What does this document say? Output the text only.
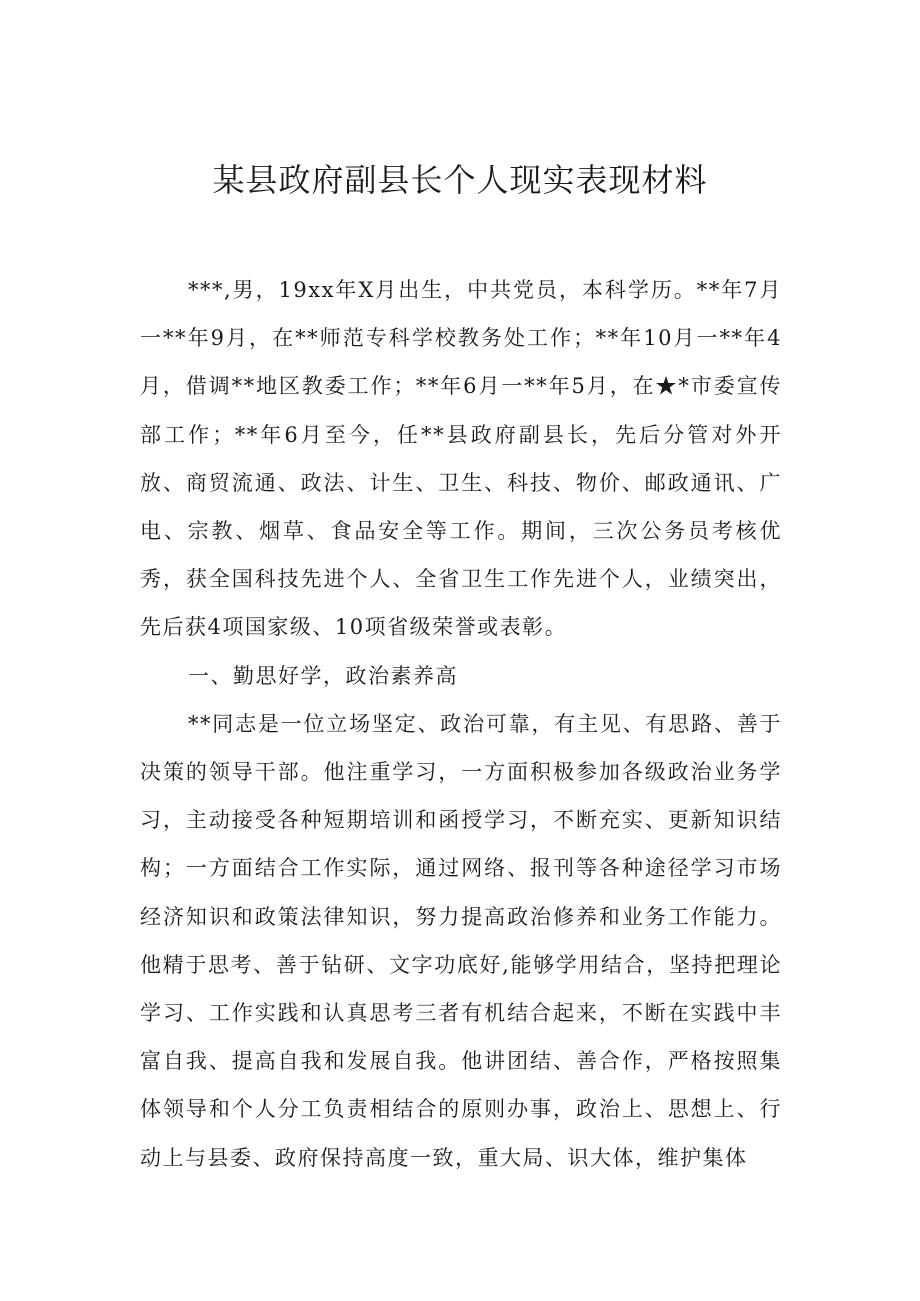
某县政府副县长个人现实表现材料

***,男，19xx年X月出生，中共党员，本科学历。**年7月一**年9月，在**师范专科学校教务处工作；**年10月一**年4月，借调**地区教委工作；**年6月一**年5月，在★*市委宣传部工作；**年6月至今，任**县政府副县长，先后分管对外开放、商贸流通、政法、计生、卫生、科技、物价、邮政通讯、广电、宗教、烟草、食品安全等工作。期间，三次公务员考核优秀，获全国科技先进个人、全省卫生工作先进个人，业绩突出，先后获4项国家级、10项省级荣誉或表彰。

一、勤思好学，政治素养高

**同志是一位立场坚定、政治可靠，有主见、有思路、善于决策的领导干部。他注重学习，一方面积极参加各级政治业务学习，主动接受各种短期培训和函授学习，不断充实、更新知识结构；一方面结合工作实际，通过网络、报刊等各种途径学习市场经济知识和政策法律知识，努力提高政治修养和业务工作能力。他精于思考、善于钻研、文字功底好,能够学用结合，坚持把理论学习、工作实践和认真思考三者有机结合起来，不断在实践中丰富自我、提高自我和发展自我。他讲团结、善合作，严格按照集体领导和个人分工负责相结合的原则办事，政治上、思想上、行动上与县委、政府保持高度一致，重大局、识大体，维护集体
